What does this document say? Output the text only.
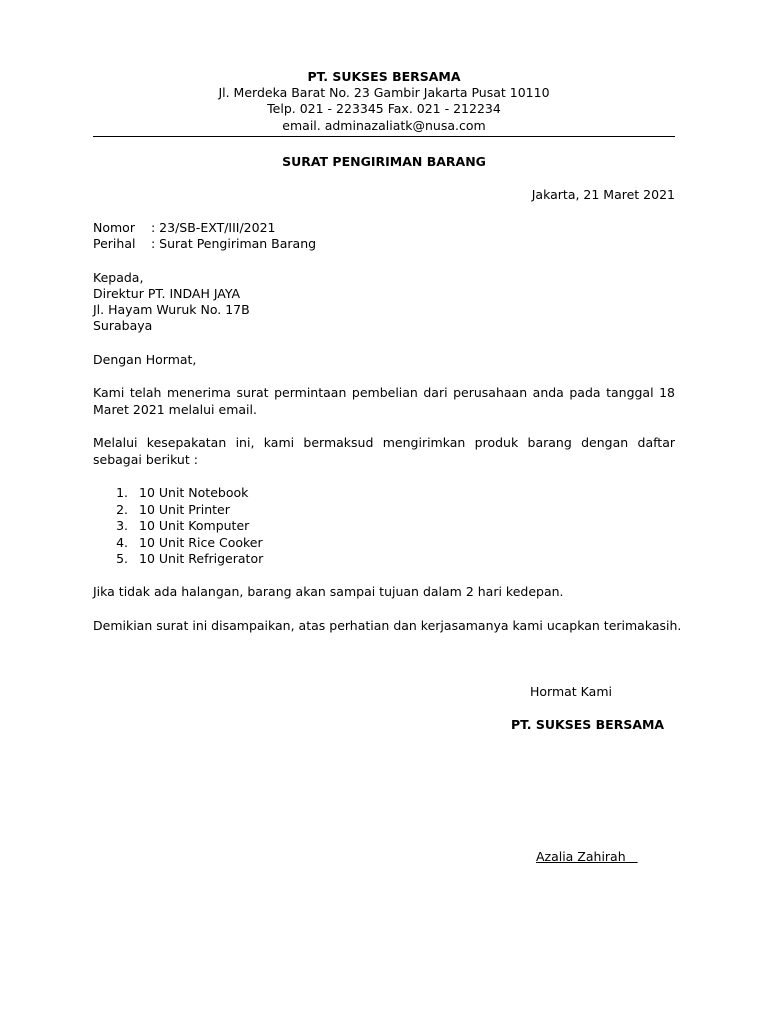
PT. SUKSES BERSAMA
Jl. Merdeka Barat No. 23 Gambir Jakarta Pusat 10110
Telp. 021 - 223345 Fax. 021 - 212234
email. adminazaliatk@nusa.com
SURAT PENGIRIMAN BARANG
Jakarta, 21 Maret 2021
Nomor : 23/SB-EXT/III/2021
Perihal : Surat Pengiriman Barang
Kepada,
Direktur PT. INDAH JAYA
Jl. Hayam Wuruk No. 17B
Surabaya
Dengan Hormat,
Kami telah menerima surat permintaan pembelian dari perusahaan anda pada tanggal 18 Maret 2021 melalui email.
Melalui kesepakatan ini, kami bermaksud mengirimkan produk barang dengan daftar sebagai berikut :
1. 10 Unit Notebook
2. 10 Unit Printer
3. 10 Unit Komputer
4. 10 Unit Rice Cooker
5. 10 Unit Refrigerator
Jika tidak ada halangan, barang akan sampai tujuan dalam 2 hari kedepan.
Demikian surat ini disampaikan, atas perhatian dan kerjasamanya kami ucapkan terimakasih.
Hormat Kami
PT. SUKSES BERSAMA

Azalia Zahirah
